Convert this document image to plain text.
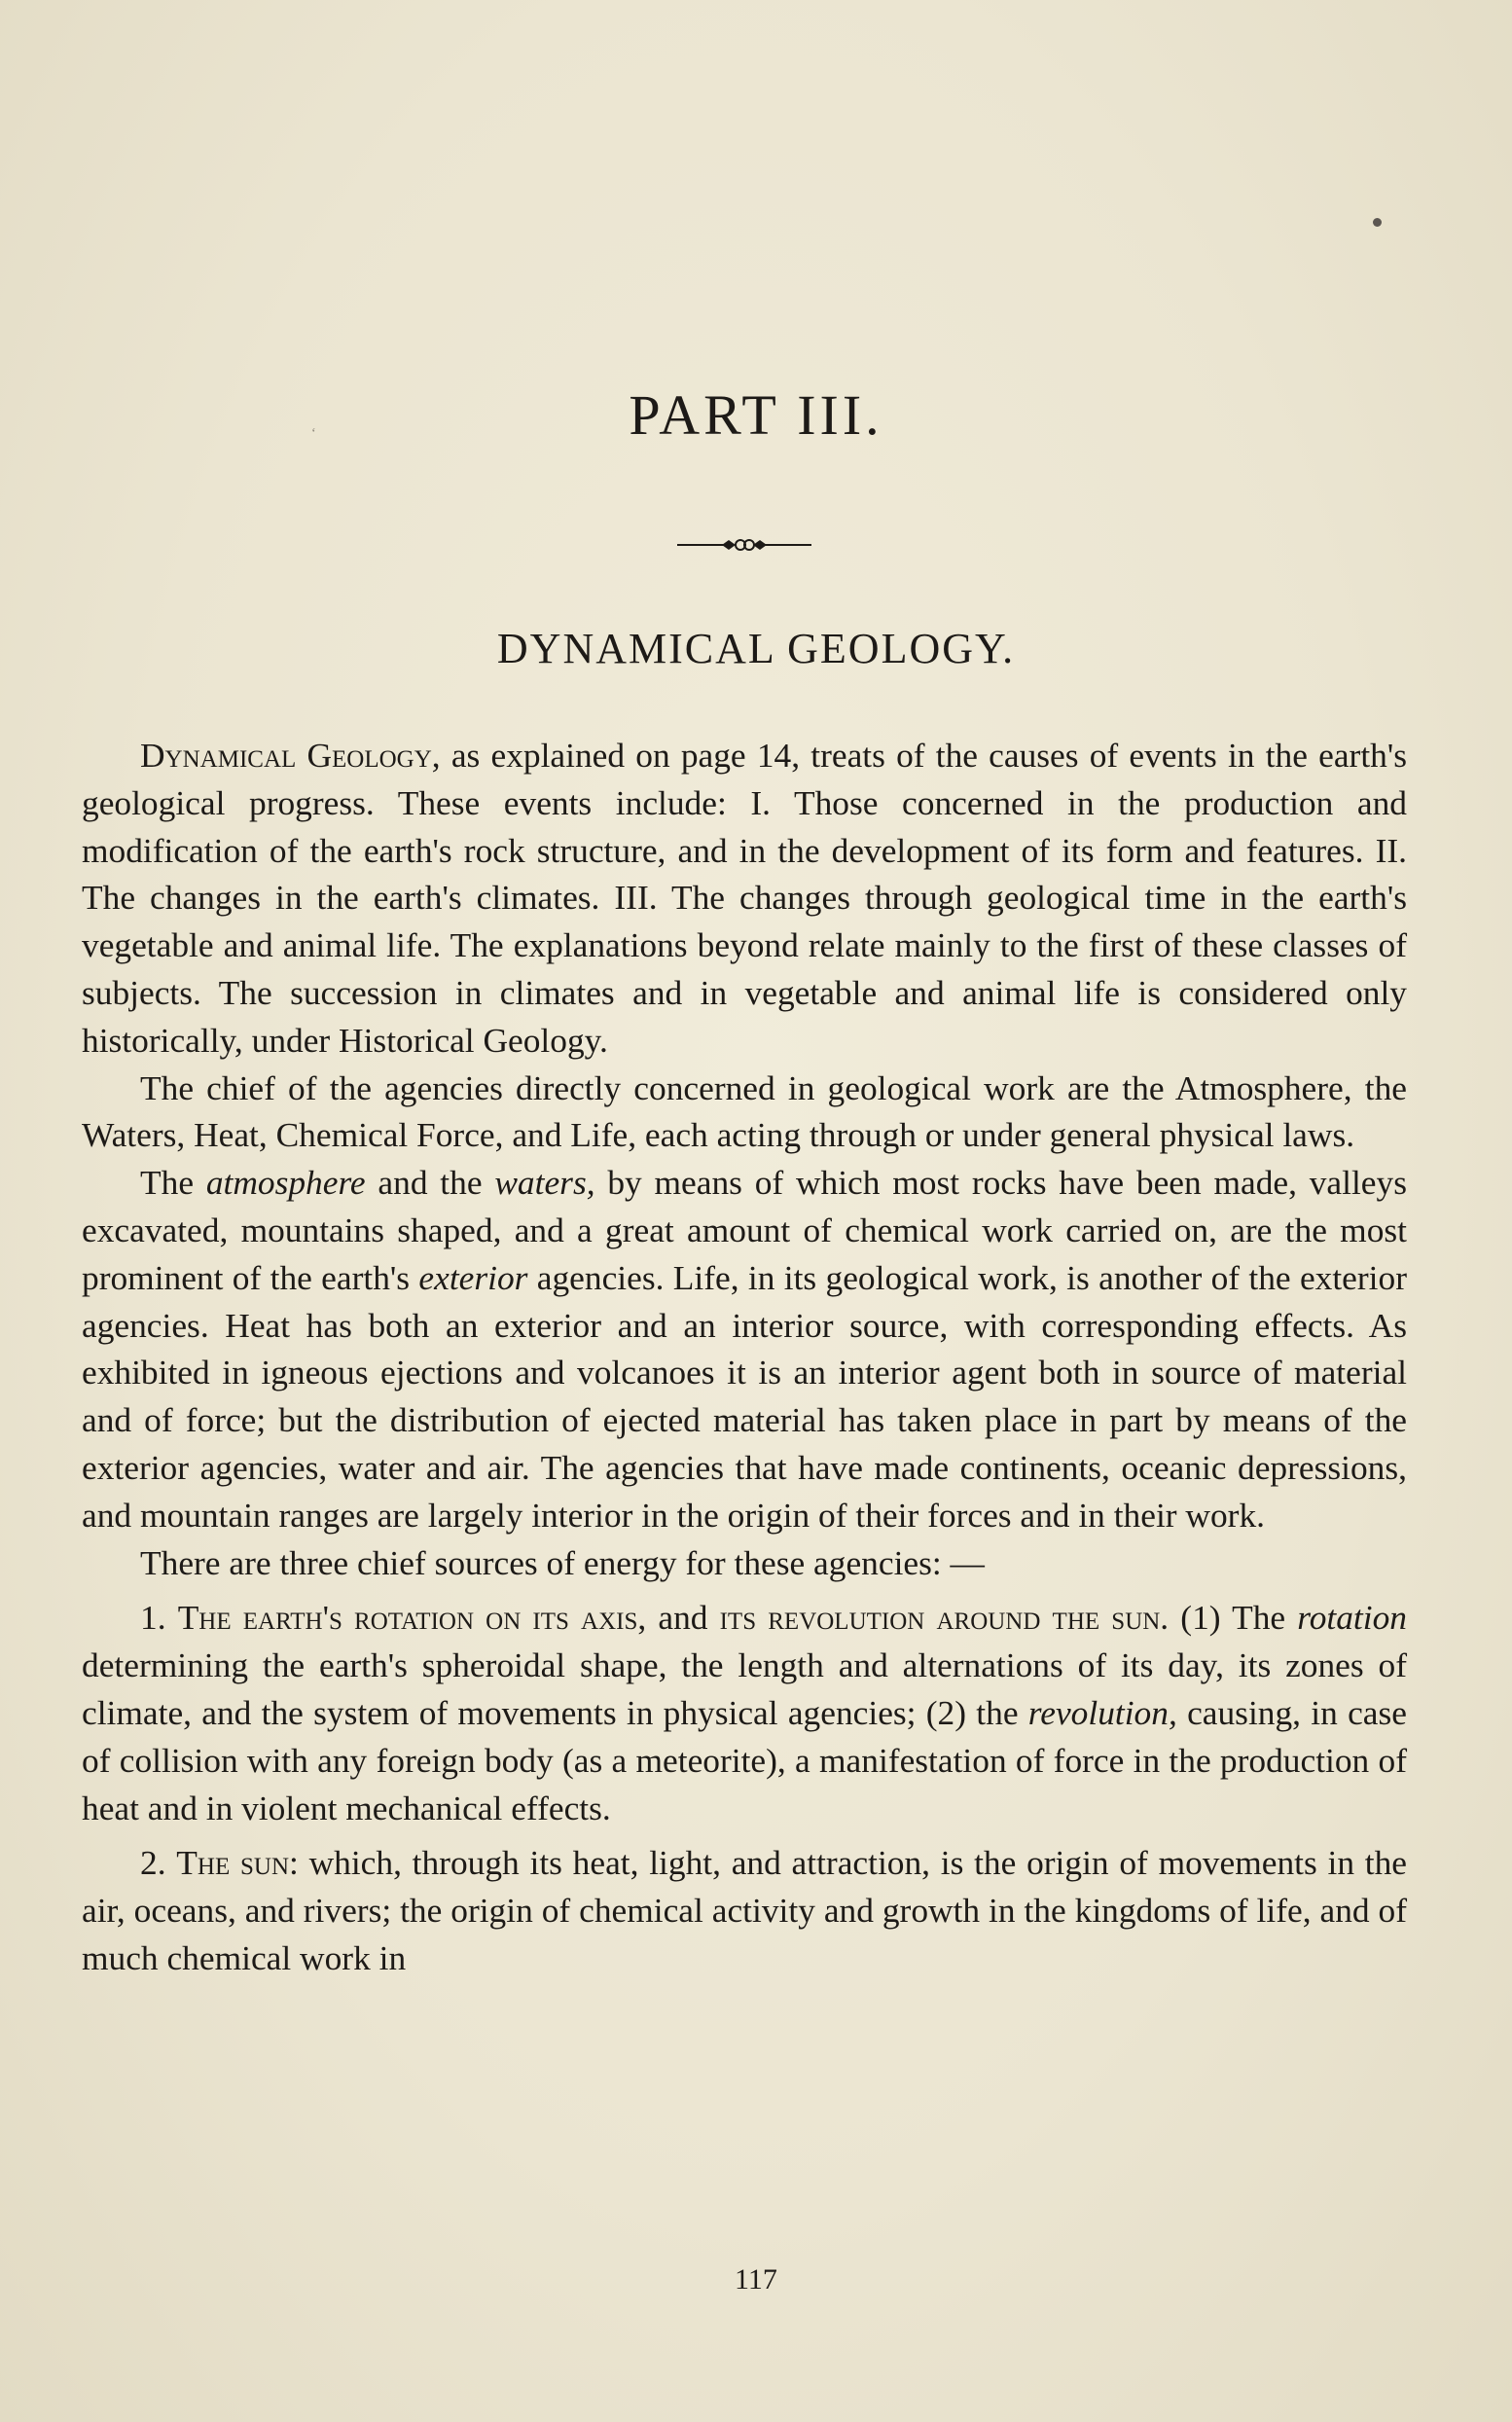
ʻ	PART III.
DYNAMICAL GEOLOGY.

Dynamical Geology, as explained on page 14, treats of the causes of events in the earth's geological progress. These events include: I. Those concerned in the production and modification of the earth's rock structure, and in the development of its form and features. II. The changes in the earth's climates. III. The changes through geological time in the earth's vegetable and animal life. The explanations beyond relate mainly to the first of these classes of subjects. The succession in climates and in vegetable and animal life is considered only historically, under Historical Geology.

The chief of the agencies directly concerned in geological work are the Atmosphere, the Waters, Heat, Chemical Force, and Life, each acting through or under general physical laws.

The atmosphere and the waters, by means of which most rocks have been made, valleys excavated, mountains shaped, and a great amount of chemical work carried on, are the most prominent of the earth's exterior agencies. Life, in its geological work, is another of the exterior agencies. Heat has both an exterior and an interior source, with corresponding effects. As exhibited in igneous ejections and volcanoes it is an interior agent both in source of material and of force; but the distribution of ejected material has taken place in part by means of the exterior agencies, water and air. The agencies that have made continents, oceanic depressions, and mountain ranges are largely interior in the origin of their forces and in their work.

There are three chief sources of energy for these agencies: —

1. The earth's rotation on its axis, and its revolution around the sun. (1) The rotation determining the earth's spheroidal shape, the length and alternations of its day, its zones of climate, and the system of movements in physical agencies; (2) the revolution, causing, in case of collision with any foreign body (as a meteorite), a manifestation of force in the production of heat and in violent mechanical effects.

2. The sun: which, through its heat, light, and attraction, is the origin of movements in the air, oceans, and rivers; the origin of chemical activity and growth in the kingdoms of life, and of much chemical work in

117
